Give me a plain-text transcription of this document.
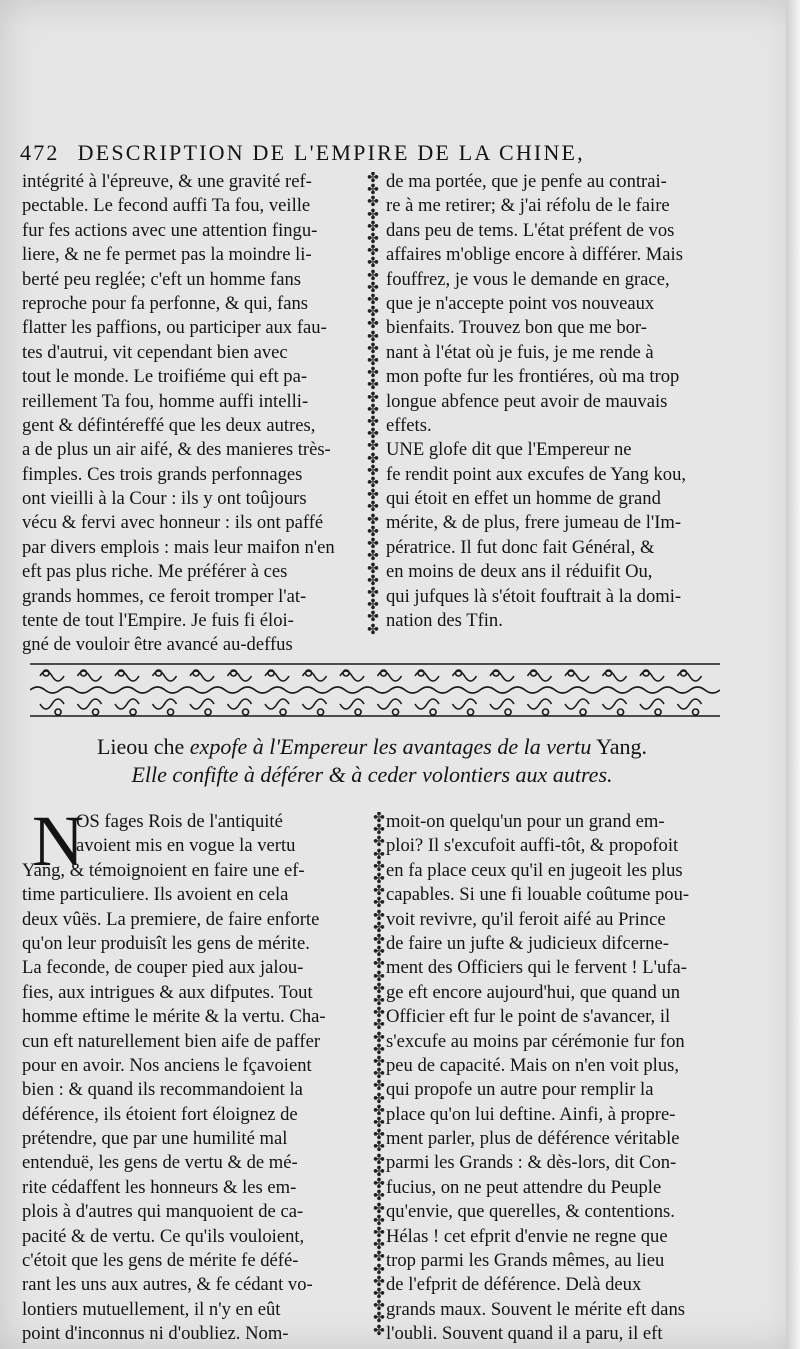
472 DESCRIPTION DE L'EMPIRE DE LA CHINE,
intégrité à l'épreuve, & une gravité ref-
pectable. Le fecond auffi Ta fou, veille
fur fes actions avec une attention fingu-
liere, & ne fe permet pas la moindre li-
berté peu reglée; c'eft un homme fans
reproche pour fa perfonne, & qui, fans
flatter les paffions, ou participer aux fau-
tes d'autrui, vit cependant bien avec
tout le monde. Le troifiéme qui eft pa-
reillement Ta fou, homme auffi intelli-
gent & défintéreffé que les deux autres,
a de plus un air aifé, & des manieres très-
fimples. Ces trois grands perfonnages
ont vieilli à la Cour : ils y ont toûjours
vécu & fervi avec honneur : ils ont paffé
par divers emplois : mais leur maifon n'en
eft pas plus riche. Me préférer à ces
grands hommes, ce feroit tromper l'at-
tente de tout l'Empire. Je fuis fi éloi-
gné de vouloir être avancé au-deffus
✤
✤
✤
✤
✤
✤
✤
✤
✤
✤
✤
✤
✤
✤
✤
✤
✤
✤
✤
✤
✤
✤
✤
✤
✤
✤
✤
✤
✤
✤
✤
✤
✤
✤
✤
✤
✤
✤
de ma portée, que je penfe au contrai-
re à me retirer; & j'ai réfolu de le faire
dans peu de tems. L'état préfent de vos
affaires m'oblige encore à différer. Mais
fouffrez, je vous le demande en grace,
que je n'accepte point vos nouveaux
bienfaits. Trouvez bon que me bor-
nant à l'état où je fuis, je me rende à
mon pofte fur les frontiéres, où ma trop
longue abfence peut avoir de mauvais
effets.
UNE glofe dit que l'Empereur ne
fe rendit point aux excufes de Yang kou,
qui étoit en effet un homme de grand
mérite, & de plus, frere jumeau de l'Im-
pératrice. Il fut donc fait Général, &
en moins de deux ans il réduifit Ou,
qui jufques là s'étoit fouftrait à la domi-
nation des Tfin.
Lieou che expofe à l'Empereur les avantages de la vertu Yang.
Elle confifte à déférer & à ceder volontiers aux autres.
N
OS fages Rois de l'antiquité
avoient mis en vogue la vertu
Yang, & témoignoient en faire une ef-
time particuliere. Ils avoient en cela
deux vûës. La premiere, de faire enforte
qu'on leur produisît les gens de mérite.
La feconde, de couper pied aux jalou-
fies, aux intrigues & aux difputes. Tout
homme eftime le mérite & la vertu. Cha-
cun eft naturellement bien aife de paffer
pour en avoir. Nos anciens le fçavoient
bien : & quand ils recommandoient la
déférence, ils étoient fort éloignez de
prétendre, que par une humilité mal
entenduë, les gens de vertu & de mé-
rite cédaffent les honneurs & les em-
plois à d'autres qui manquoient de ca-
pacité & de vertu. Ce qu'ils vouloient,
c'étoit que les gens de mérite fe défé-
rant les uns aux autres, & fe cédant vo-
lontiers mutuellement, il n'y en eût
point d'inconnus ni d'oubliez. Nom-
✤
✤
✤
✤
✤
✤
✤
✤
✤
✤
✤
✤
✤
✤
✤
✤
✤
✤
✤
✤
✤
✤
✤
✤
✤
✤
✤
✤
✤
✤
✤
✤
✤
✤
✤
✤
✤
✤
✤
✤
✤
✤
✤
moit-on quelqu'un pour un grand em-
ploi? Il s'excufoit auffi-tôt, & propofoit
en fa place ceux qu'il en jugeoit les plus
capables. Si une fi louable coûtume pou-
voit revivre, qu'il feroit aifé au Prince
de faire un jufte & judicieux difcerne-
ment des Officiers qui le fervent ! L'ufa-
ge eft encore aujourd'hui, que quand un
Officier eft fur le point de s'avancer, il
s'excufe au moins par cérémonie fur fon
peu de capacité. Mais on n'en voit plus,
qui propofe un autre pour remplir la
place qu'on lui deftine. Ainfi, à propre-
ment parler, plus de déférence véritable
parmi les Grands : & dès-lors, dit Con-
fucius, on ne peut attendre du Peuple
qu'envie, que querelles, & contentions.
Hélas ! cet efprit d'envie ne regne que
trop parmi les Grands mêmes, au lieu
de l'efprit de déférence. Delà deux
grands maux. Souvent le mérite eft dans
l'oubli. Souvent quand il a paru, il eft
